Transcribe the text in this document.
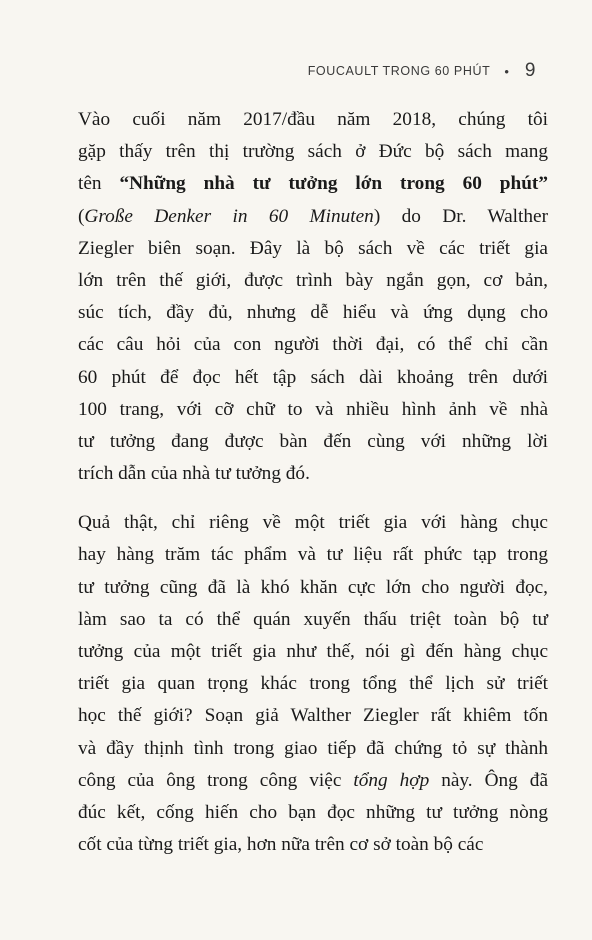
FOUCAULT TRONG 60 PHÚT • 9

Vào cuối năm 2017/đầu năm 2018, chúng tôi
gặp thấy trên thị trường sách ở Đức bộ sách mang
tên “Những nhà tư tưởng lớn trong 60 phút”
(Große Denker in 60 Minuten) do Dr. Walther
Ziegler biên soạn. Đây là bộ sách về các triết gia
lớn trên thế giới, được trình bày ngắn gọn, cơ bản,
súc tích, đầy đủ, nhưng dễ hiểu và ứng dụng cho
các câu hỏi của con người thời đại, có thể chỉ cần
60 phút để đọc hết tập sách dài khoảng trên dưới
100 trang, với cỡ chữ to và nhiều hình ảnh về nhà
tư tưởng đang được bàn đến cùng với những lời
trích dẫn của nhà tư tưởng đó.

Quả thật, chỉ riêng về một triết gia với hàng chục
hay hàng trăm tác phẩm và tư liệu rất phức tạp trong
tư tưởng cũng đã là khó khăn cực lớn cho người đọc,
làm sao ta có thể quán xuyến thấu triệt toàn bộ tư
tưởng của một triết gia như thế, nói gì đến hàng chục
triết gia quan trọng khác trong tổng thể lịch sử triết
học thế giới? Soạn giả Walther Ziegler rất khiêm tốn
và đầy thịnh tình trong giao tiếp đã chứng tỏ sự thành
công của ông trong công việc tổng hợp này. Ông đã
đúc kết, cống hiến cho bạn đọc những tư tưởng nòng
cốt của từng triết gia, hơn nữa trên cơ sở toàn bộ các
